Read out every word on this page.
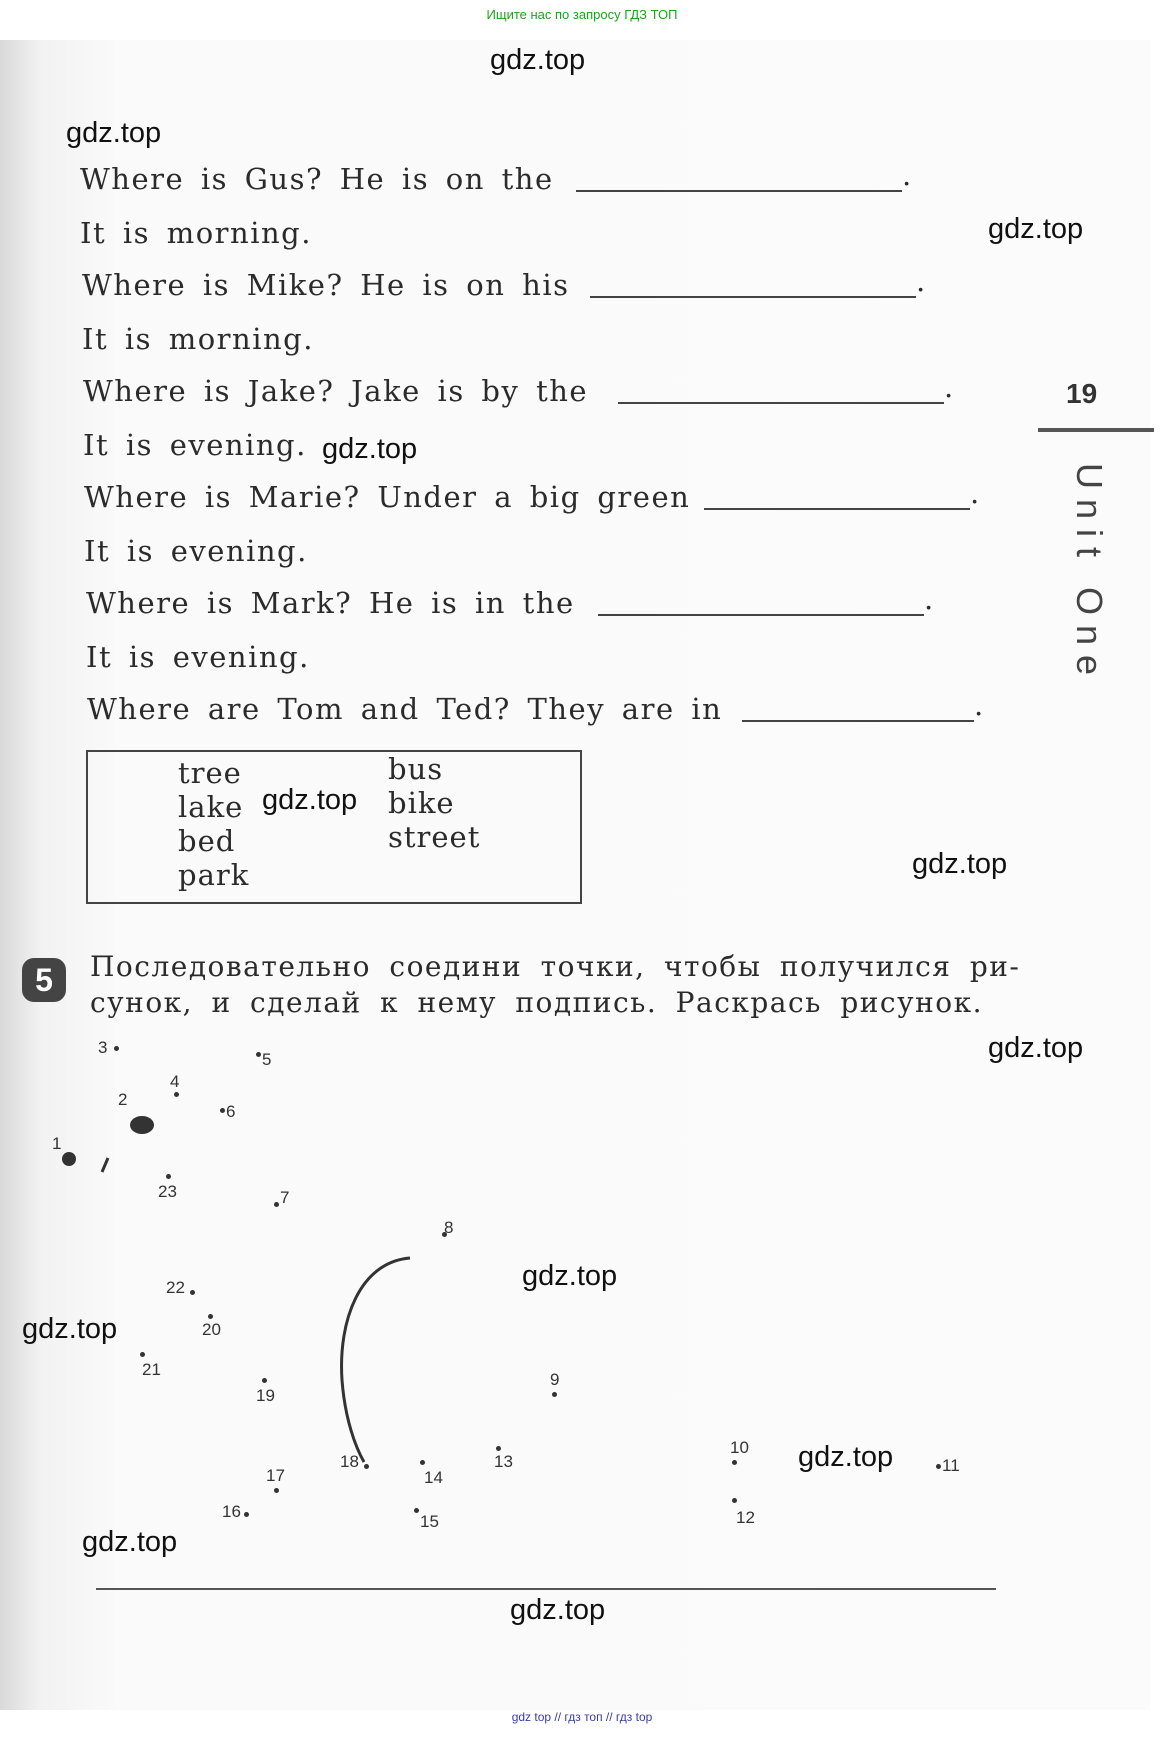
Ищите нас по запросу ГДЗ ТОП
gdz.top
gdz.top
gdz.top
gdz.top
gdz.top
gdz.top
gdz.top
gdz.top
gdz.top
gdz.top
gdz.top
gdz.top
Where is Gus? He is on the	.
It is morning.
Where is Mike? He is on his	.
It is morning.
Where is Jake? Jake is by the	.
It is evening.
Where is Marie? Under a big green	.
It is evening.
Where is Mark? He is in the	.
It is evening.
Where are Tom and Ted? They are in	.
tree
lake
bed
park
bus
bike
street
19
Unit One
5	Последовательно соедини точки, чтобы получился ри-
сунок, и сделай к нему подпись. Раскрась рисунок.
1
2
3
4
5
6
7
8
9
10
11
12
13
14
15
16
17
18
19
20
21
22
23
gdz top // гдз топ // гдз top
